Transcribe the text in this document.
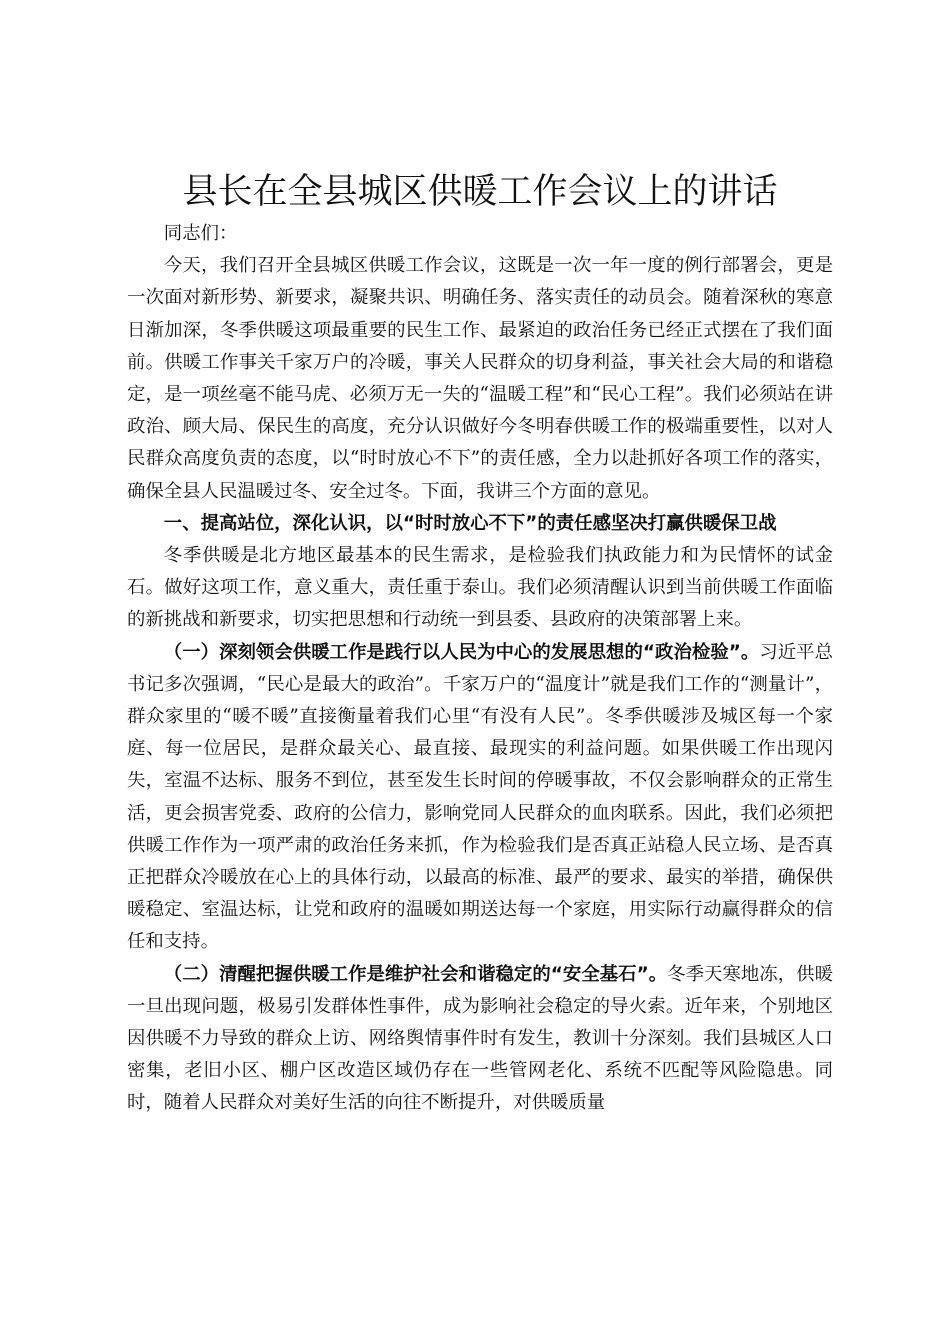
县长在全县城区供暖工作会议上的讲话

同志们：

今天，我们召开全县城区供暖工作会议，这既是一次一年一度的例行部署会，更是一次面对新形势、新要求，凝聚共识、明确任务、落实责任的动员会。随着深秋的寒意日渐加深，冬季供暖这项最重要的民生工作、最紧迫的政治任务已经正式摆在了我们面前。供暖工作事关千家万户的冷暖，事关人民群众的切身利益，事关社会大局的和谐稳定，是一项丝毫不能马虎、必须万无一失的“温暖工程”和“民心工程”。我们必须站在讲政治、顾大局、保民生的高度，充分认识做好今冬明春供暖工作的极端重要性，以对人民群众高度负责的态度，以“时时放心不下”的责任感，全力以赴抓好各项工作的落实，确保全县人民温暖过冬、安全过冬。下面，我讲三个方面的意见。

一、提高站位，深化认识，以“时时放心不下”的责任感坚决打赢供暖保卫战

冬季供暖是北方地区最基本的民生需求，是检验我们执政能力和为民情怀的试金石。做好这项工作，意义重大，责任重于泰山。我们必须清醒认识到当前供暖工作面临的新挑战和新要求，切实把思想和行动统一到县委、县政府的决策部署上来。

（一）深刻领会供暖工作是践行以人民为中心的发展思想的“政治检验”。习近平总书记多次强调，“民心是最大的政治”。千家万户的“温度计”就是我们工作的“测量计”，群众家里的“暖不暖”直接衡量着我们心里“有没有人民”。冬季供暖涉及城区每一个家庭、每一位居民，是群众最关心、最直接、最现实的利益问题。如果供暖工作出现闪失，室温不达标、服务不到位，甚至发生长时间的停暖事故，不仅会影响群众的正常生活，更会损害党委、政府的公信力，影响党同人民群众的血肉联系。因此，我们必须把供暖工作作为一项严肃的政治任务来抓，作为检验我们是否真正站稳人民立场、是否真正把群众冷暖放在心上的具体行动，以最高的标准、最严的要求、最实的举措，确保供暖稳定、室温达标，让党和政府的温暖如期送达每一个家庭，用实际行动赢得群众的信任和支持。

（二）清醒把握供暖工作是维护社会和谐稳定的“安全基石”。冬季天寒地冻，供暖一旦出现问题，极易引发群体性事件，成为影响社会稳定的导火索。近年来，个别地区因供暖不力导致的群众上访、网络舆情事件时有发生，教训十分深刻。我们县城区人口密集，老旧小区、棚户区改造区域仍存在一些管网老化、系统不匹配等风险隐患。同时，随着人民群众对美好生活的向往不断提升，对供暖质量
